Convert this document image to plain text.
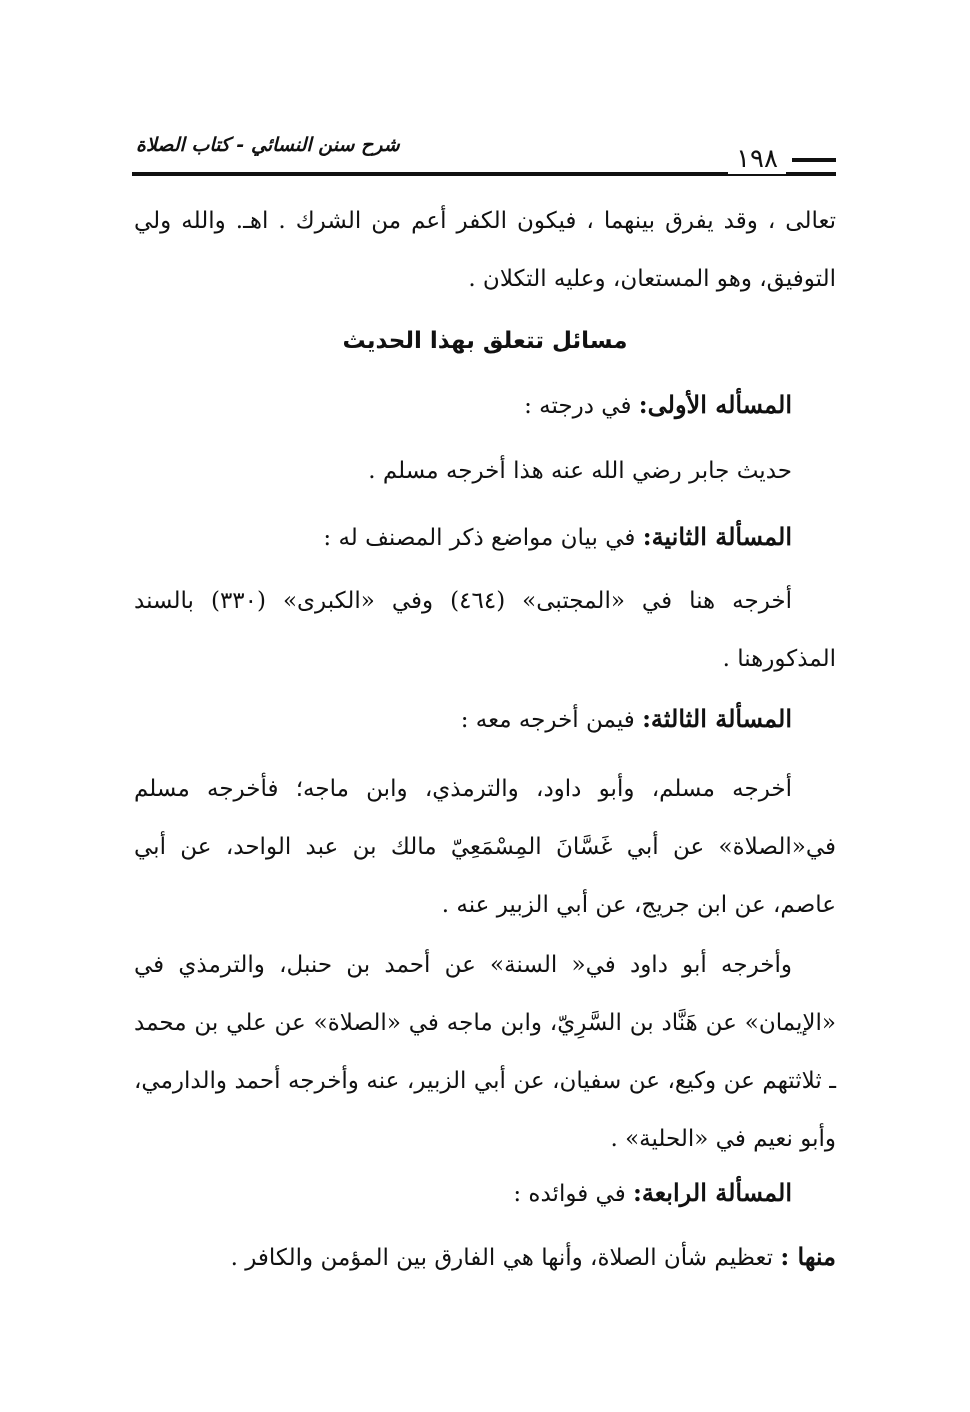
شرح سنن النسائي - كتاب الصلاة	١٩٨
تعالى ، وقد يفرق بينهما ، فيكون الكفر أعم من الشرك . اهـ. والله ولي التوفيق، وهو المستعان، وعليه التكلان .
مسائل تتعلق بهذا الحديث
المسأله الأولى: في درجته :
حديث جابر رضي الله عنه هذا أخرجه مسلم .
المسألة الثانية: في بيان مواضع ذكر المصنف له :
أخرجه هنا في «المجتبى» (٤٦٤) وفي «الكبرى» (٣٣٠) بالسند المذكورهنا .
المسألة الثالثة: فيمن أخرجه معه :
أخرجه مسلم، وأبو داود، والترمذي، وابن ماجه؛ فأخرجه مسلم في«الصلاة» عن أبي غَسَّانَ المِسْمَعِيّ مالك بن عبد الواحد، عن أبي عاصم، عن ابن جريج، عن أبي الزبير عنه .
وأخرجه أبو داود في« السنة» عن أحمد بن حنبل، والترمذي في «الإيمان» عن هَنَّاد بن السَّرِيّ، وابن ماجه في «الصلاة» عن علي بن محمد ـ ثلاثتهم عن وكيع، عن سفيان، عن أبي الزبير، عنه وأخرجه أحمد والدارمي، وأبو نعيم في «الحلية» .
المسألة الرابعة: في فوائده :
منها : تعظيم شأن الصلاة، وأنها هي الفارق بين المؤمن والكافر .
